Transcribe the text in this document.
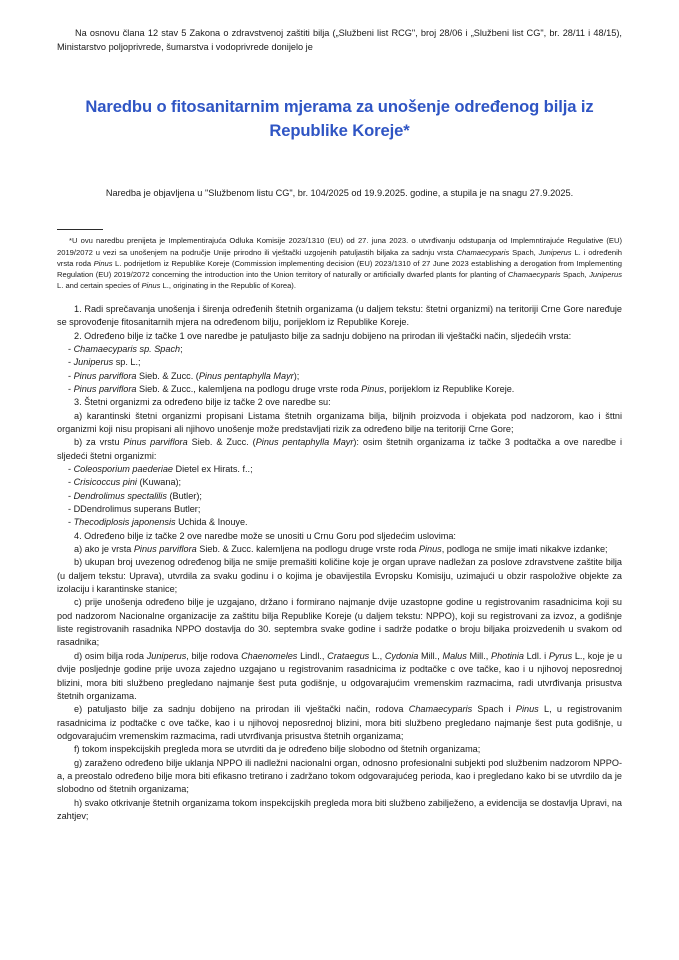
Na osnovu člana 12 stav 5 Zakona o zdravstvenoj zaštiti bilja („Službeni list RCG", broj 28/06 i „Službeni list CG", br. 28/11 i 48/15), Ministarstvo poljoprivrede, šumarstva i vodoprivrede donijelo je

Naredbu o fitosanitarnim mjerama za unošenje određenog bilja iz Republike Koreje*

Naredba je objavljena u "Službenom listu CG", br. 104/2025 od 19.9.2025. godine, a stupila je na snagu 27.9.2025.

*U ovu naredbu prenijeta je Implementirajuća Odluka Komisije 2023/1310 (EU) od 27. juna 2023. o utvrđivanju odstupanja od Implemntirajuće Regulative (EU) 2019/2072 u vezi sa unošenjem na područje Unije prirodno ili vještački uzgojenih patuljastih biljaka za sadnju vrsta Chamaecyparis Spach, Juniperus L. i određenih vrsta roda Pinus L. podrijetlom iz Republike Koreje (Commission implementing decision (EU) 2023/1310 of 27 June 2023 establishing a derogation from Implementing Regulation (EU) 2019/2072 concerning the introduction into the Union territory of naturally or artificially dwarfed plants for planting of Chamaecyparis Spach, Juniperus L. and certain species of Pinus L., originating in the Republic of Korea).

1. Radi sprečavanja unošenja i širenja određenih štetnih organizama (u daljem tekstu: štetni organizmi) na teritoriji Crne Gore naređuje se sprovođenje fitosanitarnih mjera na određenom bilju, porijeklom iz Republike Koreje.

2. Određeno bilje iz tačke 1 ove naredbe je patuljasto bilje za sadnju dobijeno na prirodan ili vještački način, sljedećih vrsta:

- Chamaecyparis sp. Spach;

- Juniperus sp. L.;

- Pinus parviflora Sieb. & Zucc. (Pinus pentaphylla Mayr);

- Pinus parviflora Sieb. & Zucc., kalemljena na podlogu druge vrste roda Pinus, porijeklom iz Republike Koreje.

3. Štetni organizmi za određeno bilje iz tačke 2 ove naredbe su:

a) karantinski štetni organizmi propisani Listama štetnih organizama bilja, biljnih proizvoda i objekata pod nadzorom, kao i šttni organizmi koji nisu propisani ali njihovo unošenje može predstavljati rizik za određeno bilje na teritoriji Crne Gore;

b) za vrstu Pinus parviflora Sieb. & Zucc. (Pinus pentaphylla Mayr): osim štetnih organizama iz tačke 3 podtačka a ove naredbe i sljedeći štetni organizmi:

- Coleosporium paederiae Dietel ex Hirats. f..;

- Crisicoccus pini (Kuwana);

- Dendrolimus spectalilis (Butler);

- DDendrolimus superans Butler;

- Thecodiplosis japonensis Uchida & Inouye.

4. Određeno bilje iz tačke 2 ove naredbe može se unositi u Crnu Goru pod sljedećim uslovima:

a) ako je vrsta Pinus parviflora Sieb. & Zucc. kalemljena na podlogu druge vrste roda Pinus, podloga ne smije imati nikakve izdanke;

b) ukupan broj uvezenog određenog bilja ne smije premašiti količine koje je organ uprave nadležan za poslove zdravstvene zaštite bilja (u daljem tekstu: Uprava), utvrdila za svaku godinu i o kojima je obavijestila Evropsku Komisiju, uzimajući u obzir raspoložive objekte za izolaciju i karantinske stanice;

c) prije unošenja određeno bilje je uzgajano, držano i formirano najmanje dvije uzastopne godine u registrovanim rasadnicima koji su pod nadzorom Nacionalne organizacije za zaštitu bilja Republike Koreje (u daljem tekstu: NPPO), koji su registrovani za izvoz, a godišnje liste registrovanih rasadnika NPPO dostavlja do 30. septembra svake godine i sadrže podatke o broju biljaka proizvedenih u svakom od rasadnika;

d) osim bilja roda Juniperus, bilje rodova Chaenomeles Lindl., Crataegus L., Cydonia Mill., Malus Mill., Photinia Ldl. i Pyrus L., koje je u dvije posljednje godine prije uvoza zajedno uzgajano u registrovanim rasadnicima iz podtačke c ove tačke, kao i u njihovoj neposrednoj blizini, mora biti službeno pregledano najmanje šest puta godišnje, u odgovarajućim vremenskim razmacima, radi utvrđivanja prisustva štetnih organizama.

e) patuljasto bilje za sadnju dobijeno na prirodan ili vještački način, rodova Chamaecyparis Spach i Pinus L, u registrovanim rasadnicima iz podtačke c ove tačke, kao i u njihovoj neposrednoj blizini, mora biti službeno pregledano najmanje šest puta godišnje, u odgovarajućim vremenskim razmacima, radi utvrđivanja prisustva štetnih organizama;

f) tokom inspekcijskih pregleda mora se utvrditi da je određeno bilje slobodno od štetnih organizama;

g) zaraženo određeno bilje uklanja NPPO ili nadležni nacionalni organ, odnosno profesionalni subjekti pod službenim nadzorom NPPO-a, a preostalo određeno bilje mora biti efikasno tretirano i zadržano tokom odgovarajućeg perioda, kao i pregledano kako bi se utvrdilo da je slobodno od štetnih organizama;

h) svako otkrivanje štetnih organizama tokom inspekcijskih pregleda mora biti službeno zabilježeno, a evidencija se dostavlja Upravi, na zahtjev;
